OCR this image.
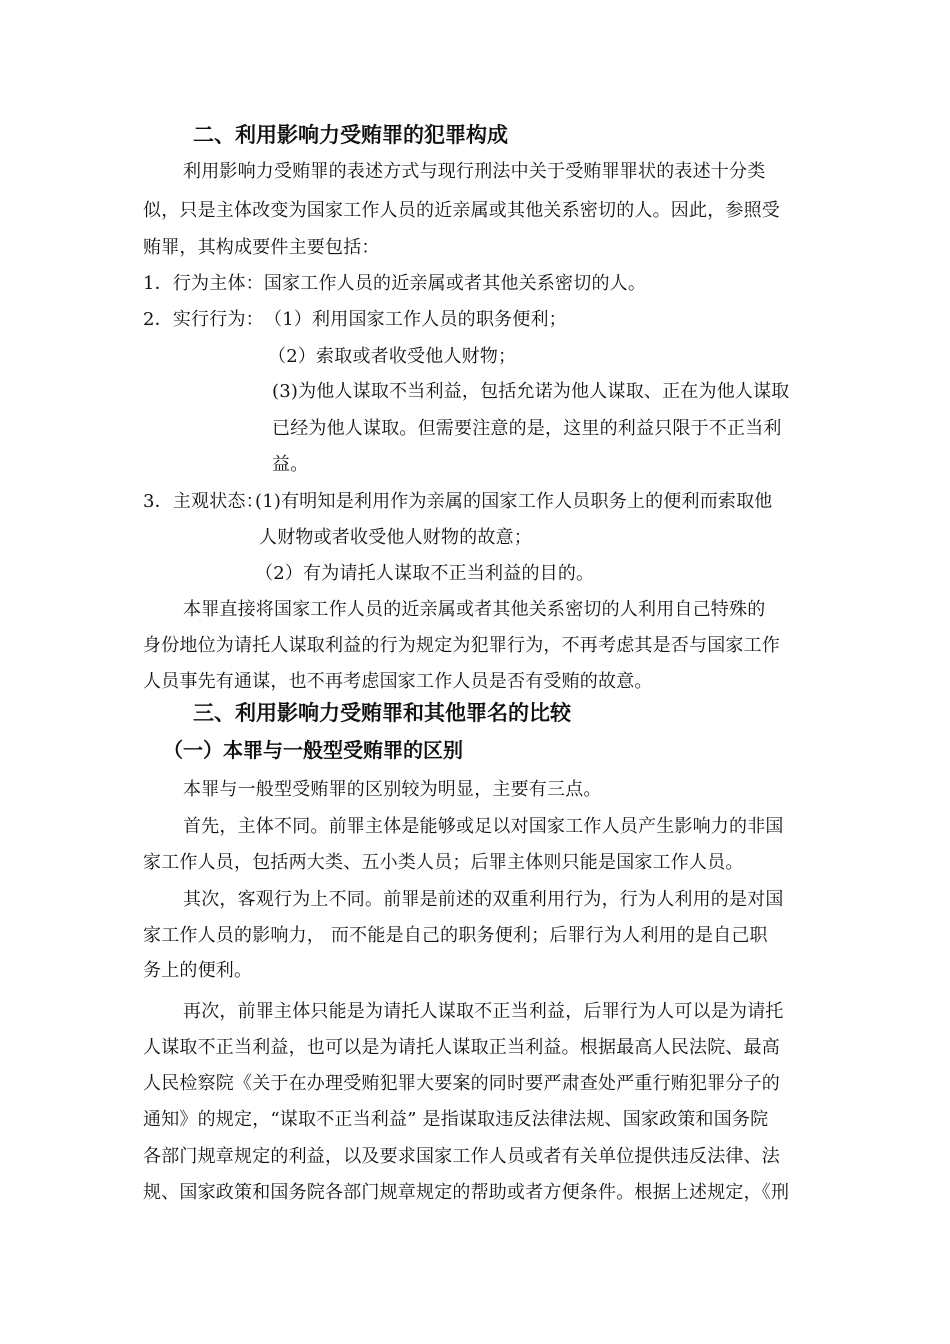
二、利用影响力受贿罪的犯罪构成
利用影响力受贿罪的表述方式与现行刑法中关于受贿罪罪状的表述十分类
似，只是主体改变为国家工作人员的近亲属或其他关系密切的人。因此，参照受
贿罪，其构成要件主要包括：
1．行为主体：国家工作人员的近亲属或者其他关系密切的人。
2．实行行为： （1）利用国家工作人员的职务便利；
（2）索取或者收受他人财物；
(3)为他人谋取不当利益，包括允诺为他人谋取、正在为他人谋取
已经为他人谋取。但需要注意的是，这里的利益只限于不正当利
益。
3．主观状态：
(1)有明知是利用作为亲属的国家工作人员职务上的便利而索取他
人财物或者收受他人财物的故意；
（2）有为请托人谋取不正当利益的目的。
本罪直接将国家工作人员的近亲属或者其他关系密切的人利用自己特殊的
身份地位为请托人谋取利益的行为规定为犯罪行为，不再考虑其是否与国家工作
人员事先有通谋，也不再考虑国家工作人员是否有受贿的故意。
三、利用影响力受贿罪和其他罪名的比较
（一）本罪与一般型受贿罪的区别
本罪与一般型受贿罪的区别较为明显，主要有三点。
首先，主体不同。前罪主体是能够或足以对国家工作人员产生影响力的非国
家工作人员，包括两大类、五小类人员；后罪主体则只能是国家工作人员。
其次，客观行为上不同。前罪是前述的双重利用行为，行为人利用的是对国
家工作人员的影响力， 而不能是自己的职务便利；后罪行为人利用的是自己职
务上的便利。
再次，前罪主体只能是为请托人谋取不正当利益，后罪行为人可以是为请托
人谋取不正当利益，也可以是为请托人谋取正当利益。根据最高人民法院、最高
人民检察院《关于在办理受贿犯罪大要案的同时要严肃查处严重行贿犯罪分子的
通知》的规定，“谋取不正当利益” 是指谋取违反法律法规、国家政策和国务院
各部门规章规定的利益，以及要求国家工作人员或者有关单位提供违反法律、法
规、国家政策和国务院各部门规章规定的帮助或者方便条件。根据上述规定，《刑
